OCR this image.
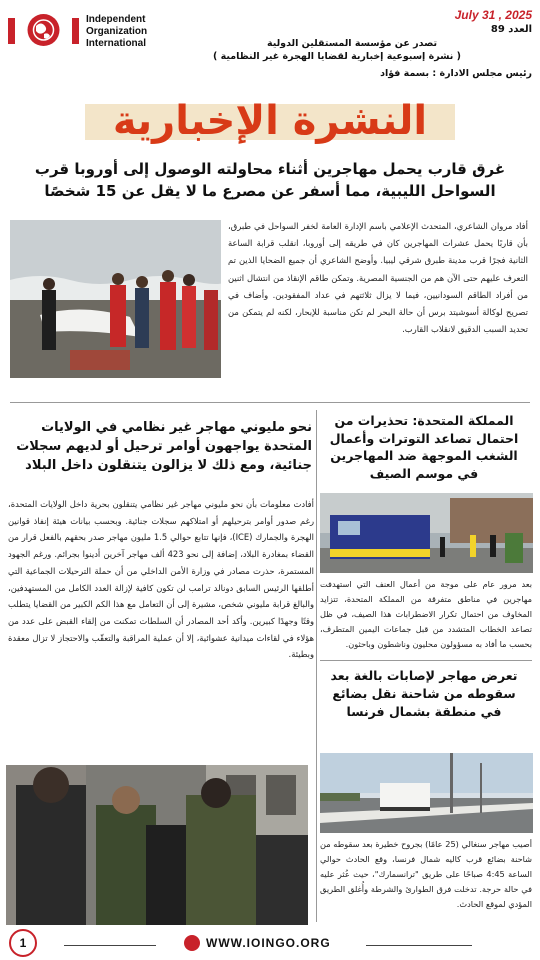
Independent
Organization
International
July 31 , 2025
العدد 89
تصدر عن مؤسسة المستقلين الدولية
( نشرة إسبوعية إخبارية لقضايا الهجرة غير النظامية )
رئيس مجلس الادارة : بسمة فؤاد
النشرة الإخبارية
غرق قارب يحمل مهاجرين أثناء محاولته الوصول إلى أوروبا قرب السواحل الليبية، مما أسفر عن مصرع ما لا يقل عن 15 شخصًا
أفاد مروان الشاعري، المتحدث الإعلامي باسم الإدارة العامة لخفر السواحل في طبرق، بأن قاربًا يحمل عشرات المهاجرين كان في طريقه إلى أوروبا، انقلب قرابة الساعة الثانية فجرًا قرب مدينة طبرق شرقي ليبيا. وأوضح الشاعري أن جميع الضحايا الذين تم التعرف عليهم حتى الآن هم من الجنسية المصرية. وتمكن طاقم الإنقاذ من انتشال اثنين من أفراد الطاقم السودانيين، فيما لا يزال ثلاثتهم في عداد المفقودين. وأضاف في تصريح لوكالة أسوشيتد برس أن حالة البحر لم تكن مناسبة للإبحار، لكنه لم يتمكن من تحديد السبب الدقيق لانقلاب القارب.
نحو مليوني مهاجر غير نظامي في الولايات المتحدة يواجهون أوامر ترحيل أو لديهم سجلات جنائية، ومع ذلك لا يزالون يتنقلون داخل البلاد
أفادت معلومات بأن نحو مليوني مهاجر غير نظامي يتنقلون بحرية داخل الولايات المتحدة، رغم صدور أوامر بترحيلهم أو امتلاكهم سجلات جنائية. وبحسب بيانات هيئة إنفاذ قوانين الهجرة والجمارك (ICE)، فإنها تتابع حوالي 1.5 مليون مهاجر صدر بحقهم بالفعل قرار من القضاء بمغادرة البلاد، إضافة إلى نحو 423 ألف مهاجر آخرين أدينوا بجرائم. ورغم الجهود المستمرة، حذرت مصادر في وزارة الأمن الداخلي من أن حملة الترحيلات الجماعية التي أطلقها الرئيس السابق دونالد ترامب لن تكون كافية لإزالة العدد الكامل من المستهدفين، والبالغ قرابة مليوني شخص، مشيرة إلى أن التعامل مع هذا الكم الكبير من القضايا يتطلب وقتًا وجهدًا كبيرين. وأكد أحد المصادر أن السلطات تمكنت من إلقاء القبض على عدد من هؤلاء في لقاءات ميدانية عشوائية، إلا أن عملية المراقبة والتعقّب والاحتجاز لا تزال معقدة وبطيئة.
المملكة المتحدة: تحذيرات من احتمال تصاعد التوترات وأعمال الشغب الموجهة ضد المهاجرين في موسم الصيف
بعد مرور عام على موجة من أعمال العنف التي استهدفت مهاجرين في مناطق متفرقة من المملكة المتحدة، تتزايد المخاوف من احتمال تكرار الاضطرابات هذا الصيف، في ظل تصاعد الخطاب المتشدد من قبل جماعات اليمين المتطرف، بحسب ما أفاد به مسؤولون محليون وناشطون وباحثون.
تعرض مهاجر لإصابات بالغة بعد سقوطه من شاحنة نقل بضائع في منطقة بشمال فرنسا
أصيب مهاجر سنغالي (25 عامًا) بجروح خطيرة بعد سقوطه من شاحنة بضائع قرب كاليه شمال فرنسا، وقع الحادث حوالي الساعة 4:45 صباحًا على طريق "ترانسمارك"، حيث عُثر عليه في حالة حرجة. تدخلت فرق الطوارئ والشرطة وأُغلق الطريق المؤدي لموقع الحادث.
1	WWW.IOINGO.ORG
